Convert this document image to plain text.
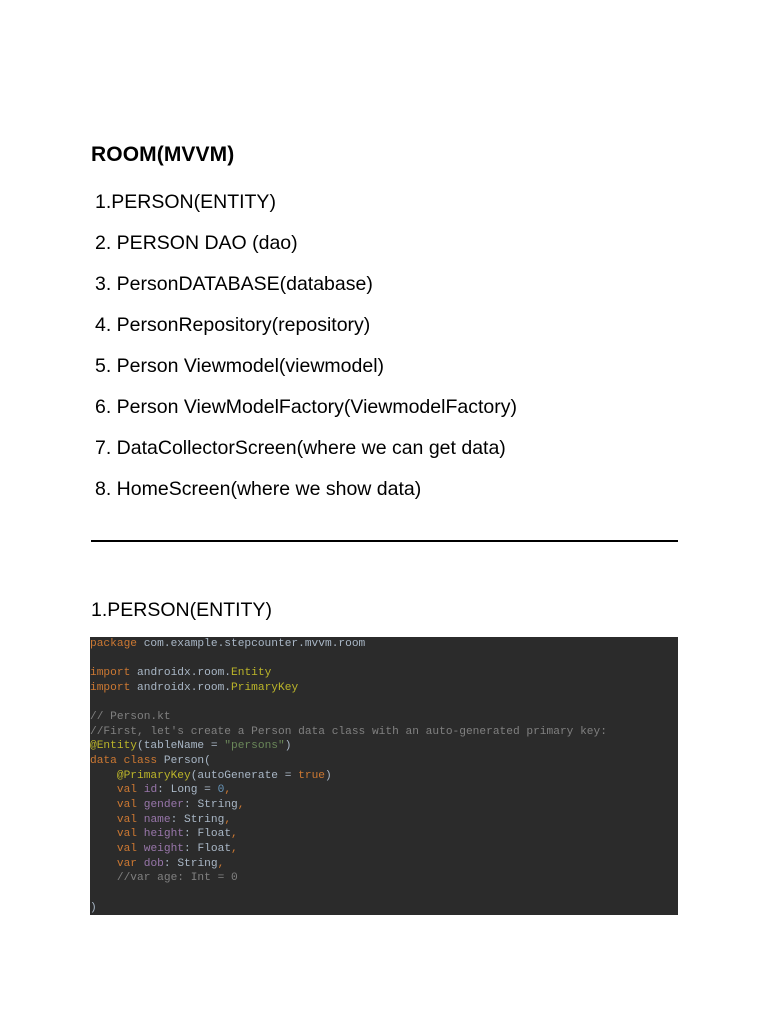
ROOM(MVVM)
1.PERSON(ENTITY)
2. PERSON DAO (dao)
3. PersonDATABASE(database)
4. PersonRepository(repository)
5. Person Viewmodel(viewmodel)
6. Person ViewModelFactory(ViewmodelFactory)
7. DataCollectorScreen(where we can get data)
8. HomeScreen(where we show data)
1.PERSON(ENTITY)
package com.example.stepcounter.mvvm.room

import androidx.room.Entity
import androidx.room.PrimaryKey

// Person.kt
//First, let's create a Person data class with an auto-generated primary key:
@Entity(tableName = "persons")
data class Person(
@PrimaryKey(autoGenerate = true)
val id: Long = 0,
val gender: String,
val name: String,
val height: Float,
val weight: Float,
var dob: String,
//var age: Int = 0

)
